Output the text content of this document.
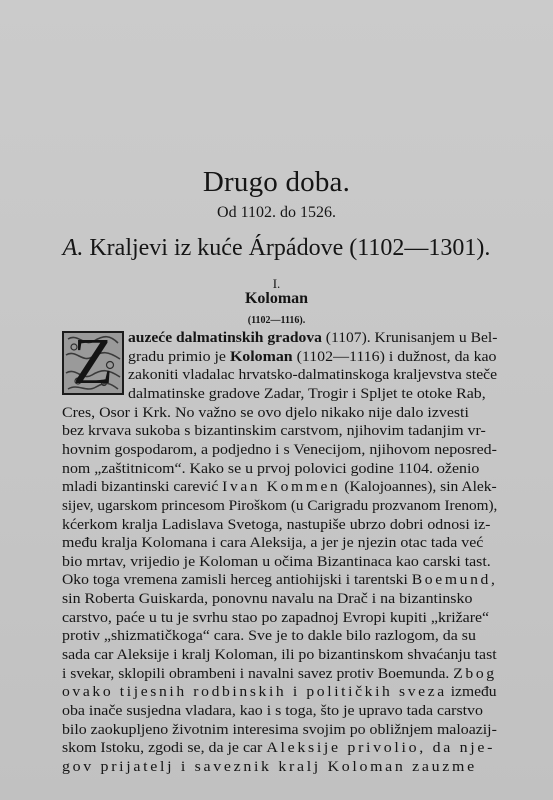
Drugo doba.
Od 1102. do 1526.
A. Kraljevi iz kuće Árpádove (1102—1301).
I.
Koloman
(1102—1116).
Z	auzeće dalmatinskih gradova (1107). Krunisanjem u Bel-
gradu primio je Koloman (1102—1116) i dužnost, da kao
zakoniti vladalac hrvatsko-dalmatinskoga kraljevstva steče
dalmatinske gradove Zadar, Trogir i Spljet te otoke Rab,
Cres, Osor i Krk. No važno se ovo djelo nikako nije dalo izvesti
bez krvava sukoba s bizantinskim carstvom, njihovim tadanjim vr-
hovnim gospodarom, a podjedno i s Venecijom, njihovom neposred-
nom „zaštitnicom“. Kako se u prvoj polovici godine 1104. oženio
mladi bizantinski carević Ivan Kommen (Kalojoannes), sin Alek-
sijev, ugarskom princesom Piroškom (u Carigradu prozvanom Irenom),
kćerkom kralja Ladislava Svetoga, nastupiše ubrzo dobri odnosi iz-
među kralja Kolomana i cara Aleksija, a jer je njezin otac tada već
bio mrtav, vrijedio je Koloman u očima Bizantinaca kao carski tast.
Oko toga vremena zamisli herceg antiohijski i tarentski Boemund,
sin Roberta Guiskarda, ponovnu navalu na Drač i na bizantinsko
carstvo, paće u tu je svrhu stao po zapadnoj Evropi kupiti „križare“
protiv „shizmatičkoga“ cara. Sve je to dakle bilo razlogom, da su
sada car Aleksije i kralj Koloman, ili po bizantinskom shvaćanju tast
i svekar, sklopili obrambeni i navalni savez protiv Boemunda. Zbog
ovako tijesnih rodbinskih i političkih sveza između
oba inače susjedna vladara, kao i s toga, što je upravo tada carstvo
bilo zaokupljeno životnim interesima svojim po obližnjem maloazij-
skom Istoku, zgodi se, da je car Aleksije privolio, da nje-
gov prijatelj i saveznik kralj Koloman zauzme
